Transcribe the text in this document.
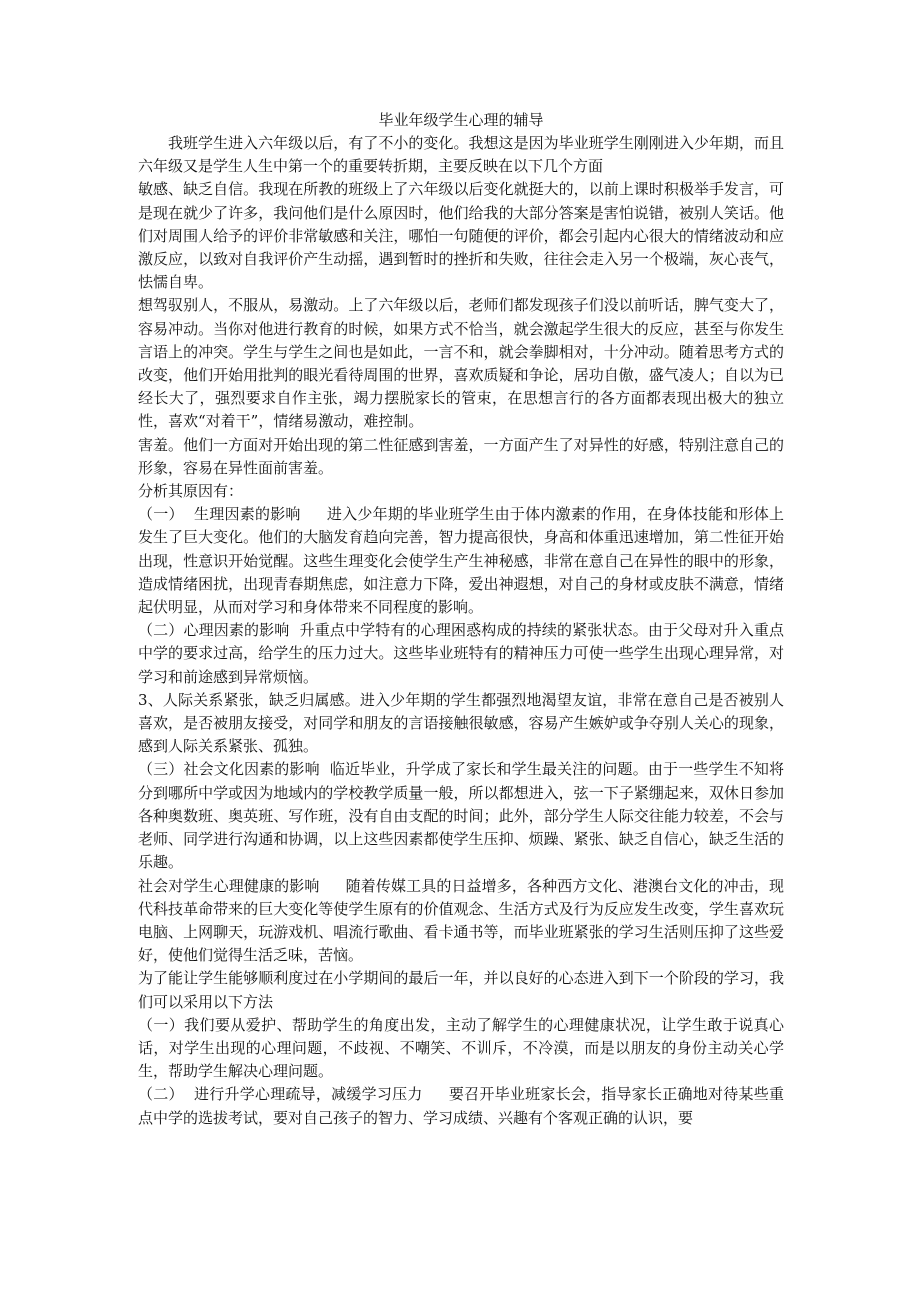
毕业年级学生心理的辅导

我班学生进入六年级以后，有了不小的变化。我想这是因为毕业班学生刚刚进入少年期，而且六年级又是学生人生中第一个的重要转折期，主要反映在以下几个方面

敏感、缺乏自信。我现在所教的班级上了六年级以后变化就挺大的，以前上课时积极举手发言，可是现在就少了许多，我问他们是什么原因时，他们给我的大部分答案是害怕说错，被别人笑话。他们对周围人给予的评价非常敏感和关注，哪怕一句随便的评价，都会引起内心很大的情绪波动和应激反应，以致对自我评价产生动摇，遇到暂时的挫折和失败，往往会走入另一个极端，灰心丧气，怯懦自卑。

想驾驭别人，不服从，易激动。上了六年级以后，老师们都发现孩子们没以前听话，脾气变大了，容易冲动。当你对他进行教育的时候，如果方式不恰当，就会激起学生很大的反应，甚至与你发生言语上的冲突。学生与学生之间也是如此，一言不和，就会拳脚相对，十分冲动。随着思考方式的改变，他们开始用批判的眼光看待周围的世界，喜欢质疑和争论，居功自傲，盛气凌人；自以为已经长大了，强烈要求自作主张，竭力摆脱家长的管束，在思想言行的各方面都表现出极大的独立性，喜欢“对着干”，情绪易激动，难控制。

害羞。他们一方面对开始出现的第二性征感到害羞，一方面产生了对异性的好感，特别注意自己的形象，容易在异性面前害羞。

分析其原因有：

（一） 生理因素的影响 进入少年期的毕业班学生由于体内激素的作用，在身体技能和形体上发生了巨大变化。他们的大脑发育趋向完善，智力提高很快，身高和体重迅速增加，第二性征开始出现，性意识开始觉醒。这些生理变化会使学生产生神秘感，非常在意自己在异性的眼中的形象，造成情绪困扰，出现青春期焦虑，如注意力下降，爱出神遐想，对自己的身材或皮肤不满意，情绪起伏明显，从而对学习和身体带来不同程度的影响。

（二）心理因素的影响 升重点中学特有的心理困惑构成的持续的紧张状态。由于父母对升入重点中学的要求过高，给学生的压力过大。这些毕业班特有的精神压力可使一些学生出现心理异常，对学习和前途感到异常烦恼。

3、人际关系紧张，缺乏归属感。进入少年期的学生都强烈地渴望友谊，非常在意自己是否被别人喜欢，是否被朋友接受，对同学和朋友的言语接触很敏感，容易产生嫉妒或争夺别人关心的现象，感到人际关系紧张、孤独。

（三）社会文化因素的影响 临近毕业，升学成了家长和学生最关注的问题。由于一些学生不知将分到哪所中学或因为地域内的学校教学质量一般，所以都想进入，弦一下子紧绷起来，双休日参加各种奥数班、奥英班、写作班，没有自由支配的时间；此外，部分学生人际交往能力较差，不会与老师、同学进行沟通和协调，以上这些因素都使学生压抑、烦躁、紧张、缺乏自信心，缺乏生活的乐趣。

社会对学生心理健康的影响 随着传媒工具的日益增多，各种西方文化、港澳台文化的冲击，现代科技革命带来的巨大变化等使学生原有的价值观念、生活方式及行为反应发生改变，学生喜欢玩电脑、上网聊天，玩游戏机、唱流行歌曲、看卡通书等，而毕业班紧张的学习生活则压抑了这些爱好，使他们觉得生活乏味，苦恼。

为了能让学生能够顺利度过在小学期间的最后一年，并以良好的心态进入到下一个阶段的学习，我们可以采用以下方法

（一）我们要从爱护、帮助学生的角度出发，主动了解学生的心理健康状况，让学生敢于说真心话，对学生出现的心理问题，不歧视、不嘲笑、不训斥，不冷漠，而是以朋友的身份主动关心学生，帮助学生解决心理问题。

（二） 进行升学心理疏导，减缓学习压力 要召开毕业班家长会，指导家长正确地对待某些重点中学的选拔考试，要对自己孩子的智力、学习成绩、兴趣有个客观正确的认识，要
